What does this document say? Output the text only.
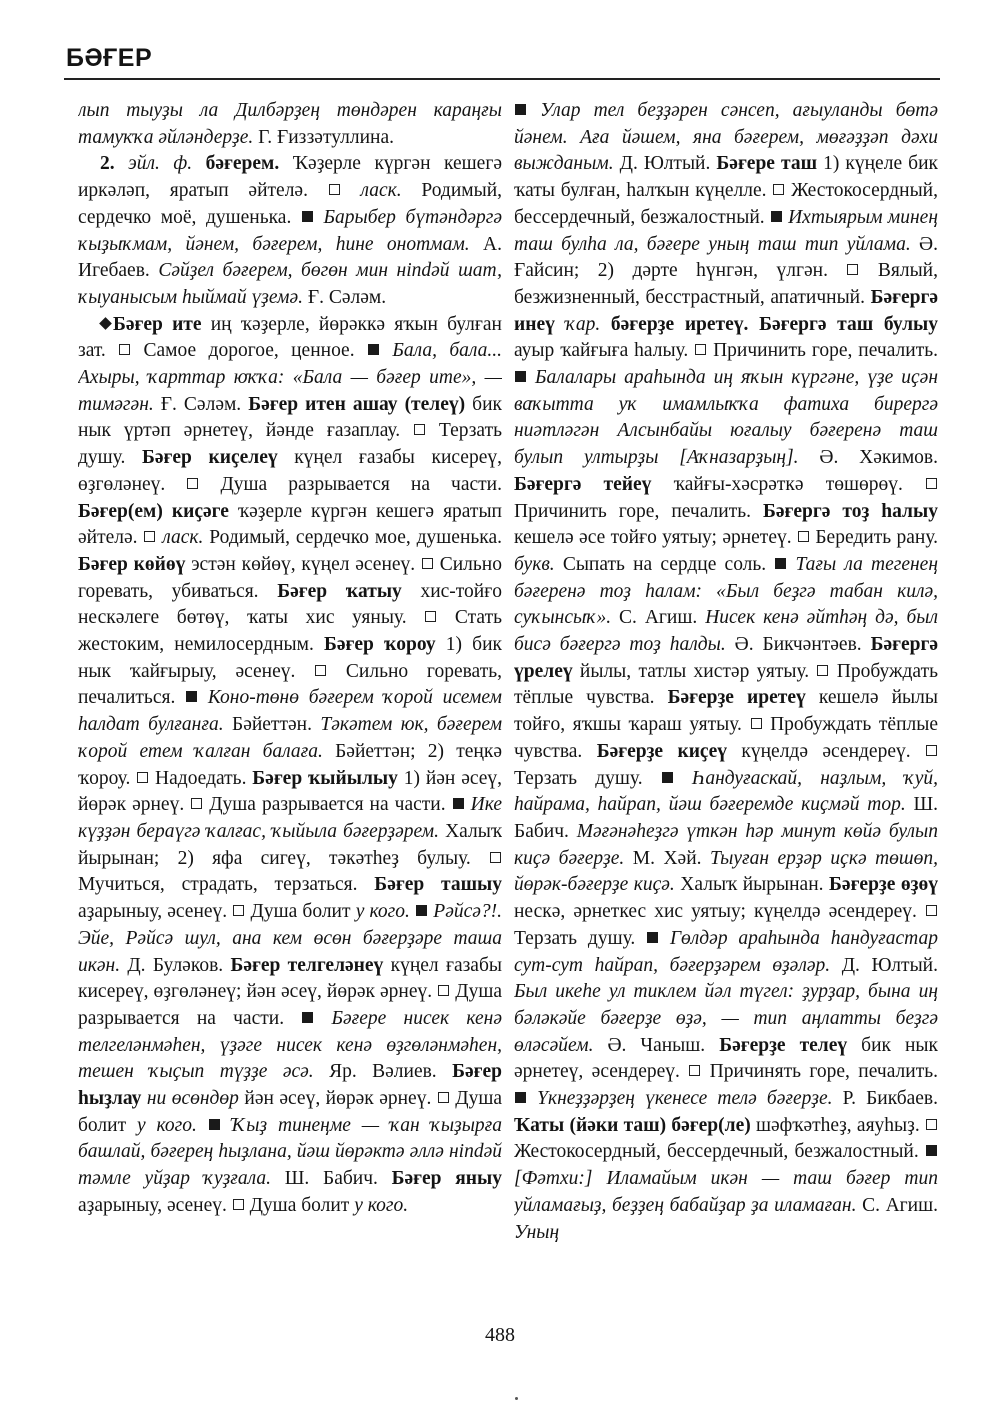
БӘҒЕР

лып тыуҙы ла Дилбәрҙең төндәрен караңғы тамуҡҡа әйләндерҙе. Г. Ғиззәтуллина.

2. эйл. ф. бәғерем. Ҡәҙерле күргән кешегә иркәләп, яратып әйтелә.  ласк. Родимый, сердечко моё, душенька.  Барыбер бүтәндәргә ҡыҙыҡмам, йәнем, бәғерем, һине онотмам. А. Игебаев. Сәйҙел бәғерем, бөгөн мин нindәй шат, ҡыуанысым һыймай үҙемә. Ғ. Сәләм.

Бәғер ите иң ҡәҙерле, йөрәккә яҡын булған зат.  Самое дорогое, ценное.  Бала, бала... Ахыры, ҡарттар юҡҡа: «Бала — бәғер ите», — тимәгән. Ғ. Сәләм. Бәғер итен ашау (телеү) бик нык үртәп әрнетеү, йәнде ғазаплау.  Терзать душу. Бәғер киҫелеү күңел ғазабы кисереү, өҙгөләнеү.  Душа разрывается на части. Бәғер(ем) киҫәге ҡәҙерле күргән кешегә яратып әйтелә.  ласк. Родимый, сердечко мое, душенька. Бәғер көйөү эстән көйөү, күңел әсенеү.  Сильно горевать, убиваться. Бәғер ҡатыу хис-тойғо нескәлеге бөтөү, ҡаты хис уяныу.  Стать жестоким, немилосердным. Бәғер ҡороу 1) бик нык ҡайғырыу, әсенеү.  Сильно горевать, печалиться.  Коно-төнө бәғерем ҡорой исемем һалдат булғанға. Бәйеттән. Тәкәтем юк, бәғерем ҡорой етем ҡалған балаға. Бәйеттән; 2) теңкә ҡороу.  Надоедать. Бәғер ҡыйылыу 1) йән әсеү, йөрәк әрнеү.  Душа разрывается на части.  Ике күҙҙән бераүгә ҡалғас, ҡыйыла бәғерҙәрем. Халыҡ йырынан; 2) яфа сигеү, тәкәтһеҙ булыу.  Мучиться, страдать, терзаться. Бәғер ташыу аҙарыныу, әсенеү.  Душа болит у кого. Рәйсә?!. Эйе, Рәйсә шул, ана кем өсөн бәғерҙәре таша икән. Д. Буләков. Бәғер телгеләнеү күңел ғазабы кисереү, өҙгөләнеү; йән әсеү, йөрәк әрнеү.  Душа разрывается на части.  Бәғере нисек кенә телгеләнмәһен, үҙәге нисек кенә өҙгөләнмәһен, тешен ҡыҫып түҙҙе әсә. Яр. Вәлиев. Бәғер һыҙлау ни өсөндөр йән әсеү, йөрәк әрнеү.  Душа болит у кого. Ҡыҙ тинеңме — ҡан ҡыҙырға башлай, бәғерең һыҙлана, йәш йөрәктә әллә нindәй тәмле уйҙар ҡуҙғала. Ш. Бабич. Бәғер яныу аҙарыныу, әсенеү.  Душа болит у кого.

Улар тел беҙҙәрен сәнсеп, ағыуланды бөтә йәнем. Аға йәшем, яна бәғерем, мөғәҙҙәп дәхи выжданым. Д. Юлтый. Бәғере таш 1) күңеле бик ҡаты булған, һалҡын күңелле.  Жестокосердный, бессердечный, безжалостный.  Ихтыярым минең таш булһа ла, бәғере уның таш тип уйлама. Ә. Ғайсин; 2) дәрте һүнгән, үлгән.  Вялый, безжизненный, бесстрастный, апатичный. Бәғергә инеү ҡар. бәғерҙе иретеү. Бәғергә таш булыу ауыр ҡайғыға һалыу.  Причинить горе, печалить.  Балалары араһында иң яҡын күргәне, үҙе иҫән ваҡытта уҡ имамлыҡҡа фатиха бирергә ниәтләгән Алсынбайы юғалыу бәғеренә таш булып ултырҙы [Аҡназарҙың]. Ә. Хәкимов. Бәғергә тейеү ҡайғы-хәсрәткә төшөрөү.  Причинить горе, печалить. Бәғергә тоҙ һалыу кешелә әсе тойғо уятыу; әрнетеү.  Бередить рану. букв. Сыпать на сердце соль.  Тағы ла тегенең бәғеренә тоҙ һалам: «Был беҙгә табан килә, суҡынсыҡ». С. Агиш. Нисек кенә әйтһәң дә, был бисә бәғергә тоҙ һалды. Ә. Бикчәнтәев. Бәғергә үрелеү йылы, татлы хистәр уятыу.  Пробуждать тёплые чувства. Бәғерҙе иретеү кешелә йылы тойғо, яҡшы ҡараш уятыу.  Пробуждать тёплые чувства. Бәғерҙе киҫеү күңелдә әсендереү.  Терзать душу.  Һандуғаскай, наҙлым, ҡуй, һайрама, һайрап, йәш бәғеремде киҫмәй тор. Ш. Бабич. Мәғәнәһеҙгә үткән һәр минут көйә булып киҫә бәғерҙе. М. Хәй. Тыуған ерҙәр иҫкә төшөп, йөрәк-бәғерҙе киҫә. Халыҡ йырынан. Бәғерҙе өҙөү нескә, әрнеткес хис уятыу; күңелдә әсендереү.  Терзать душу.  Гөлдәр араһында һандуғастар сут-сут һайрап, бәғерҙәрем өҙәләр. Д. Юлтый. Был икеһе ул тиклем йәл түгел: ҙурҙар, бына иң бәләкәйе бәғерҙе өҙә, — тип аңлатты беҙгә өләсәйем. Ә. Чаныш. Бәғерҙе телеү бик нык әрнетеү, әсендереү.  Причинять горе, печалить.  Үкнеҙҙәрҙең үкенесе телә бәғерҙе. Р. Бикбаев. Ҡаты (йәки таш) бәғер(ле) шәфҡәтһеҙ, аяуһыҙ.  Жестокосердный, бессердечный, безжалостный.  [Фәтхи:] Иламайым икән — таш бәғер тип уйламағыҙ, беҙҙең бабайҙар ҙа иламаған. С. Агиш. Уның

488
